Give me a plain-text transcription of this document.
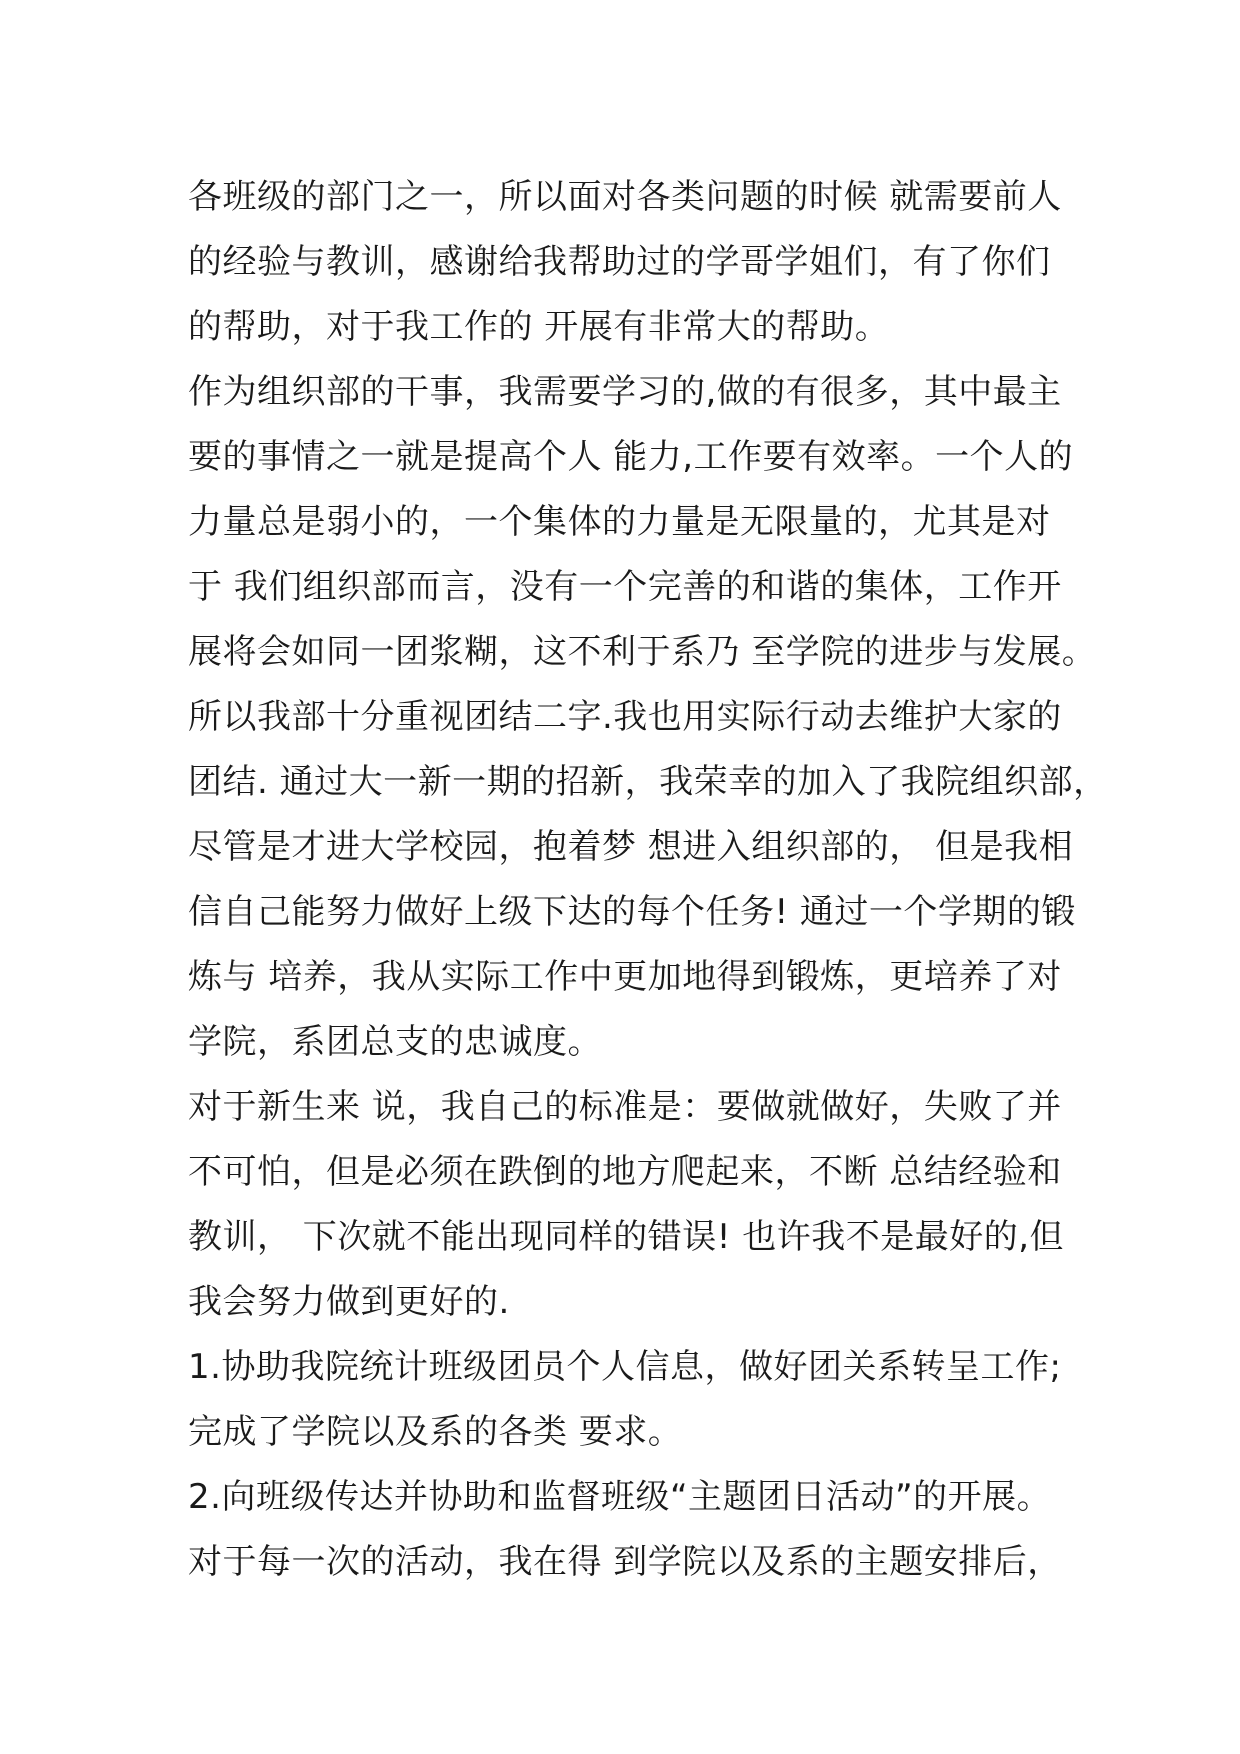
各班级的部门之一，所以面对各类问题的时候 就需要前人
的经验与教训，感谢给我帮助过的学哥学姐们，有了你们
的帮助，对于我工作的 开展有非常大的帮助。
作为组织部的干事，我需要学习的,做的有很多，其中最主
要的事情之一就是提高个人 能力,工作要有效率。一个人的
力量总是弱小的，一个集体的力量是无限量的，尤其是对
于 我们组织部而言，没有一个完善的和谐的集体，工作开
展将会如同一团浆糊，这不利于系乃 至学院的进步与发展。
所以我部十分重视团结二字.我也用实际行动去维护大家的
团结. 通过大一新一期的招新，我荣幸的加入了我院组织部，
尽管是才进大学校园，抱着梦 想进入组织部的， 但是我相
信自己能努力做好上级下达的每个任务! 通过一个学期的锻
炼与 培养，我从实际工作中更加地得到锻炼，更培养了对
学院，系团总支的忠诚度。
对于新生来 说，我自己的标准是：要做就做好，失败了并
不可怕，但是必须在跌倒的地方爬起来，不断 总结经验和
教训， 下次就不能出现同样的错误! 也许我不是最好的,但
我会努力做到更好的.
1.协助我院统计班级团员个人信息，做好团关系转呈工作;
完成了学院以及系的各类 要求。
2.向班级传达并协助和监督班级“主题团日活动”的开展。
对于每一次的活动，我在得 到学院以及系的主题安排后，
